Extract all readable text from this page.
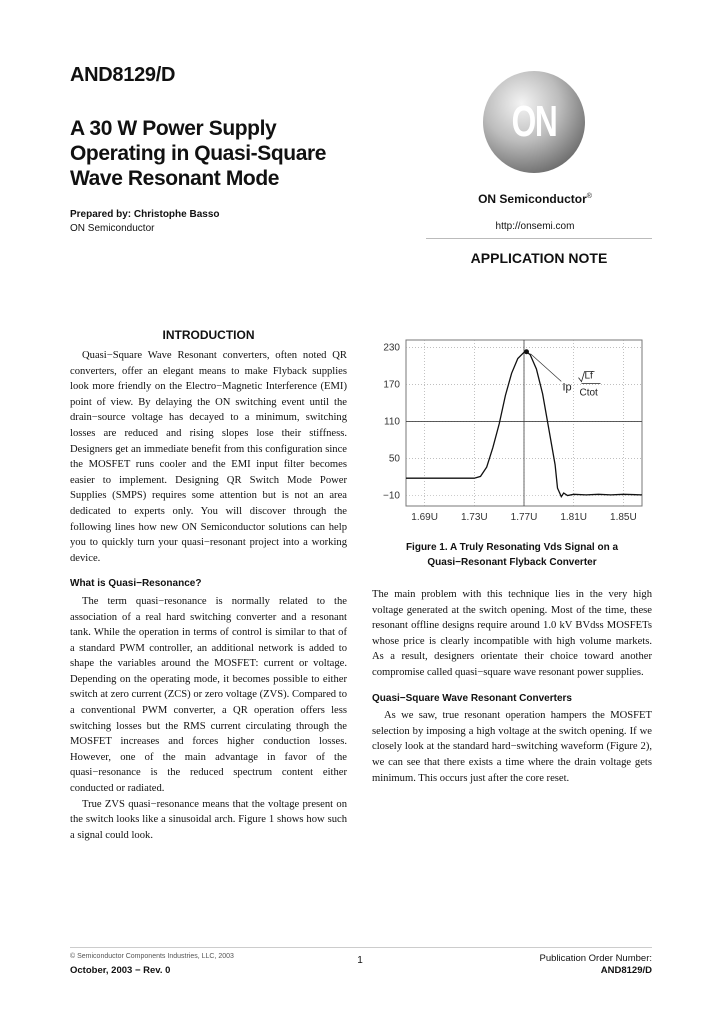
AND8129/D
A 30 W Power Supply
Operating in Quasi-Square
Wave Resonant Mode
Prepared by: Christophe Basso
ON Semiconductor
ON
ON Semiconductor®
http://onsemi.com
APPLICATION NOTE
INTRODUCTION

Quasi−Square Wave Resonant converters, often noted QR converters, offer an elegant means to make Flyback supplies look more friendly on the Electro−Magnetic Interference (EMI) point of view. By delaying the ON switching event until the drain−source voltage has decayed to a minimum, switching losses are reduced and rising slopes lose their stiffness. Designers get an immediate benefit from this configuration since the MOSFET runs cooler and the EMI input filter becomes easier to implement. Designing QR Switch Mode Power Supplies (SMPS) requires some attention but is not an area dedicated to experts only. You will discover through the following lines how new ON Semiconductor solutions can help you to quickly turn your quasi−resonant project into a working device.

What is Quasi−Resonance?

The term quasi−resonance is normally related to the association of a real hard switching converter and a resonant tank. While the operation in terms of control is similar to that of a standard PWM controller, an additional network is added to shape the variables around the MOSFET: current or voltage. Depending on the operating mode, it becomes possible to either switch at zero current (ZCS) or zero voltage (ZVS). Compared to a conventional PWM converter, a QR operation offers less switching losses but the RMS current circulating through the MOSFET increases and forces higher conduction losses. However, one of the main advantage in favor of the quasi−resonance is the reduced spectrum content either conducted or radiated.

True ZVS quasi−resonance means that the voltage present on the switch looks like a sinusoidal arch. Figure 1 shows how such a signal could look.

1.69U 1.73U 1.77U 1.81U 1.85U
230
170
110
50
−10
Ip
Lf
Ctot
Figure 1. A Truly Resonating Vds Signal on a
Quasi−Resonant Flyback Converter

The main problem with this technique lies in the very high voltage generated at the switch opening. Most of the time, these resonant offline designs require around 1.0 kV BVdss MOSFETs whose price is clearly incompatible with high volume markets. As a result, designers orientate their choice toward another compromise called quasi−square wave resonant power supplies.

Quasi−Square Wave Resonant Converters

As we saw, true resonant operation hampers the MOSFET selection by imposing a high voltage at the switch opening. If we closely look at the standard hard−switching waveform (Figure 2), we can see that there exists a time where the drain voltage gets minimum. This occurs just after the core reset.

© Semiconductor Components Industries, LLC, 2003
October, 2003 − Rev. 0
1	Publication Order Number:
AND8129/D
